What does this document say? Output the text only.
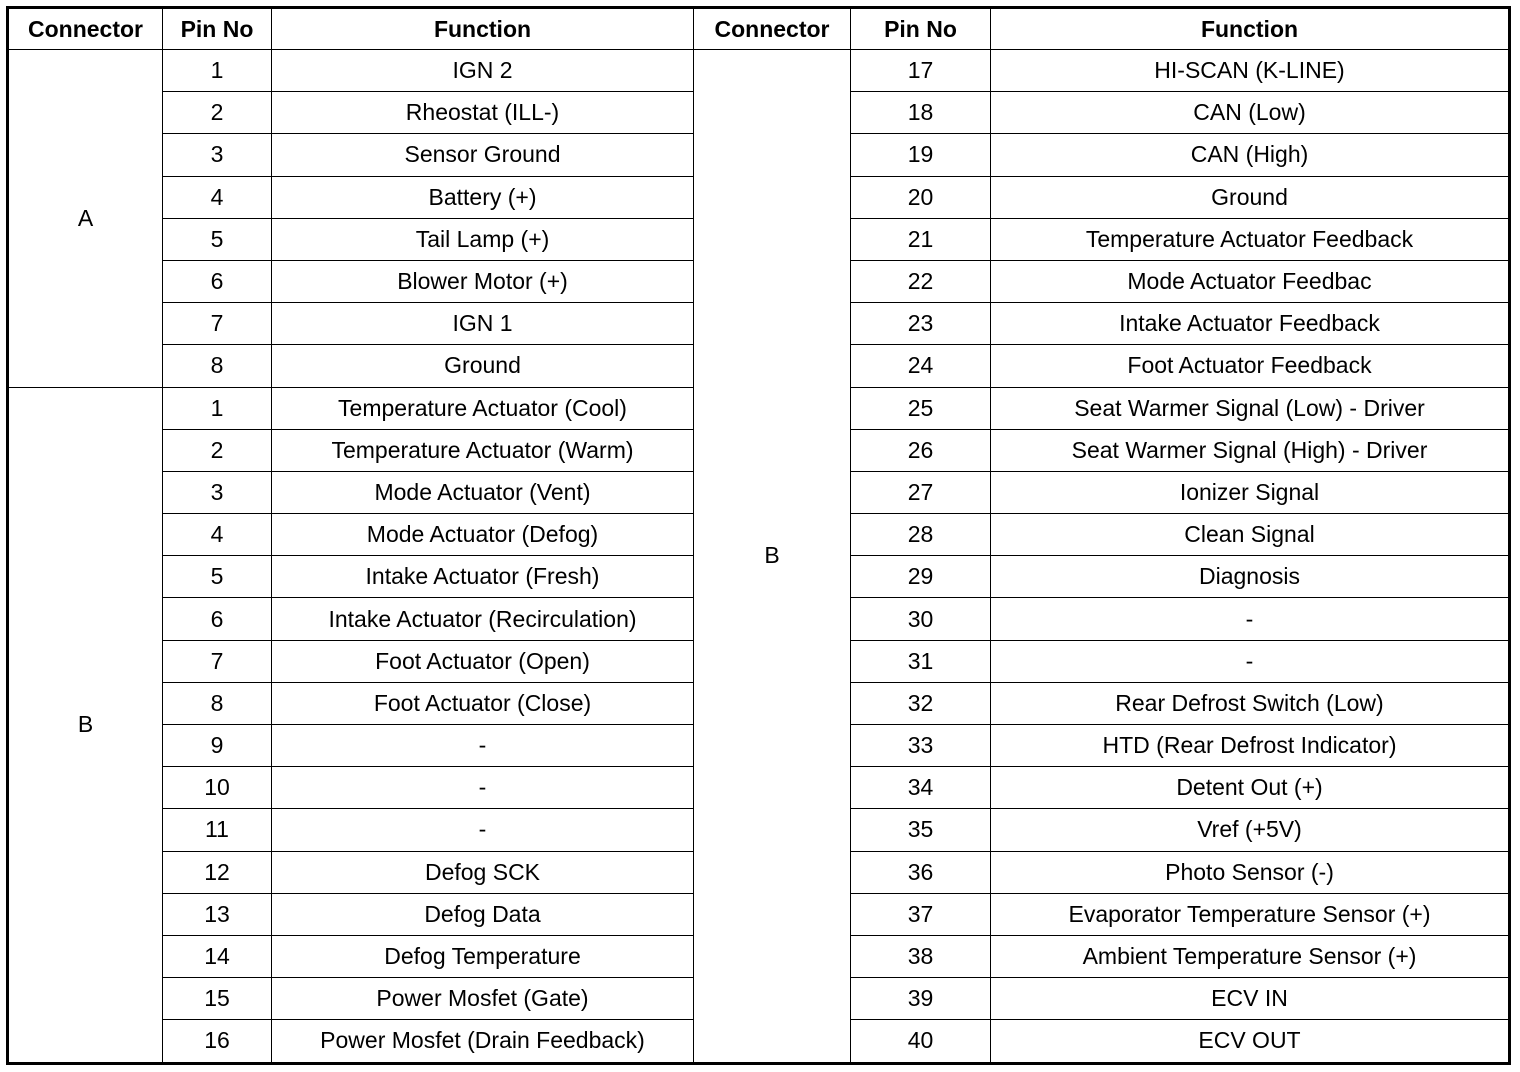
Connector	Pin No	Function	Connector	Pin No	Function
A	1	IGN 2	B	17	HI-SCAN (K-LINE)
	2	Rheostat (ILL-)		18	CAN (Low)
	3	Sensor Ground		19	CAN (High)
	4	Battery (+)		20	Ground
	5	Tail Lamp (+)		21	Temperature Actuator Feedback
	6	Blower Motor (+)		22	Mode Actuator Feedbac
	7	IGN 1		23	Intake Actuator Feedback
	8	Ground		24	Foot Actuator Feedback
B	1	Temperature Actuator (Cool)		25	Seat Warmer Signal (Low) - Driver
	2	Temperature Actuator (Warm)		26	Seat Warmer Signal (High) - Driver
	3	Mode Actuator (Vent)		27	Ionizer Signal
	4	Mode Actuator (Defog)		28	Clean Signal
	5	Intake Actuator (Fresh)		29	Diagnosis
	6	Intake Actuator (Recirculation)		30	-
	7	Foot Actuator (Open)		31	-
	8	Foot Actuator (Close)		32	Rear Defrost Switch (Low)
	9	-		33	HTD (Rear Defrost Indicator)
	10	-		34	Detent Out (+)
	11	-		35	Vref (+5V)
	12	Defog SCK		36	Photo Sensor (-)
	13	Defog Data		37	Evaporator Temperature Sensor (+)
	14	Defog Temperature		38	Ambient Temperature Sensor (+)
	15	Power Mosfet (Gate)		39	ECV IN
	16	Power Mosfet (Drain Feedback)		40	ECV OUT
